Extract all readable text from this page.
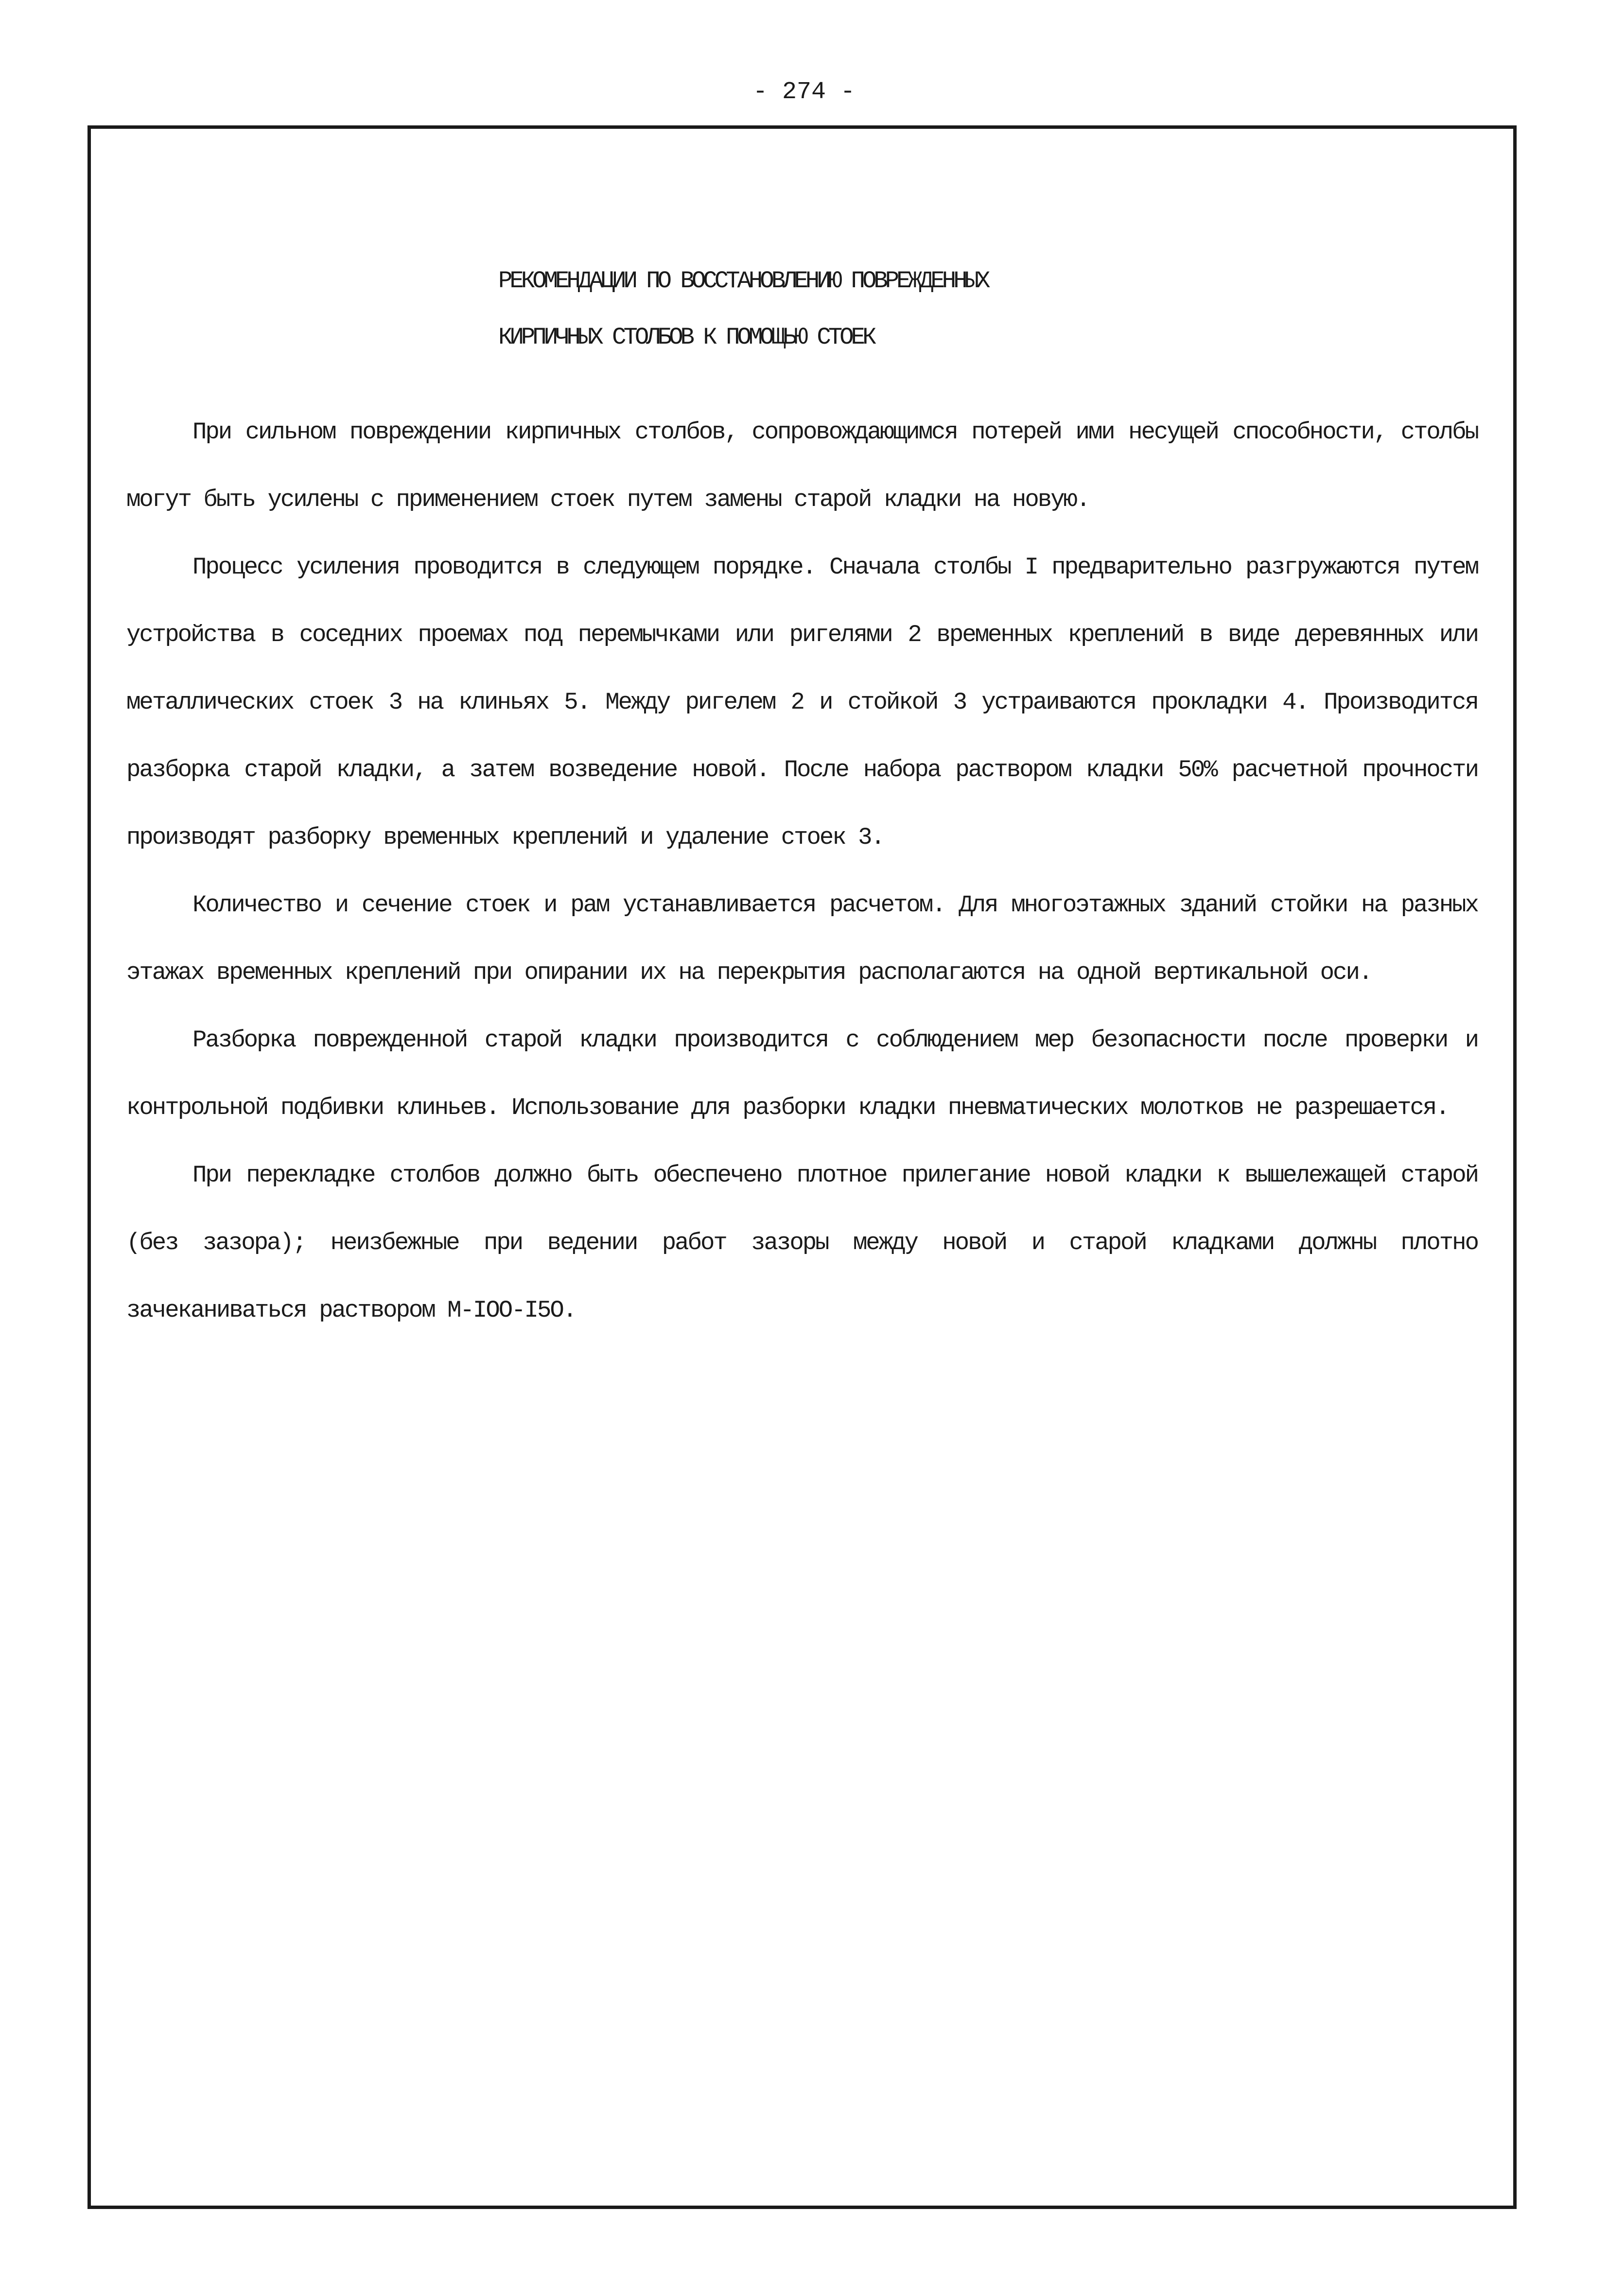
- 274 -
РЕКОМЕНДАЦИИ ПО ВОССТАНОВЛЕНИЮ ПОВРЕЖДЕННЫХ
КИРПИЧНЫХ СТОЛБОВ К ПОМОЩЬЮ СТОЕК

При сильном повреждении кирпичных столбов, сопровождающимся потерей ими несущей способности, столбы могут быть усилены с применением стоек путем замены старой кладки на новую.

Процесс усиления проводится в следующем порядке. Сначала столбы I предварительно разгружаются путем устройства в соседних проемах под перемычками или ригелями 2 временных креплений в виде деревянных или металлических стоек 3 на клиньях 5. Между ригелем 2 и стойкой 3 устраиваются прокладки 4. Производится разборка старой кладки, а затем возведение новой. После набора раствором кладки 50% расчетной прочности производят разборку временных креплений и удаление стоек 3.

Количество и сечение стоек и рам устанавливается расчетом. Для многоэтажных зданий стойки на разных этажах временных креплений при опирании их на перекрытия располагаются на одной вертикальной оси.

Разборка поврежденной старой кладки производится с соблюдением мер безопасности после проверки и контрольной подбивки клиньев. Использование для разборки кладки пневматических молотков не разрешается.

При перекладке столбов должно быть обеспечено плотное прилегание новой кладки к вышележащей старой (без зазора); неизбежные при ведении работ зазоры между новой и старой кладками должны плотно зачеканиваться раствором М-IOO-I5O.
